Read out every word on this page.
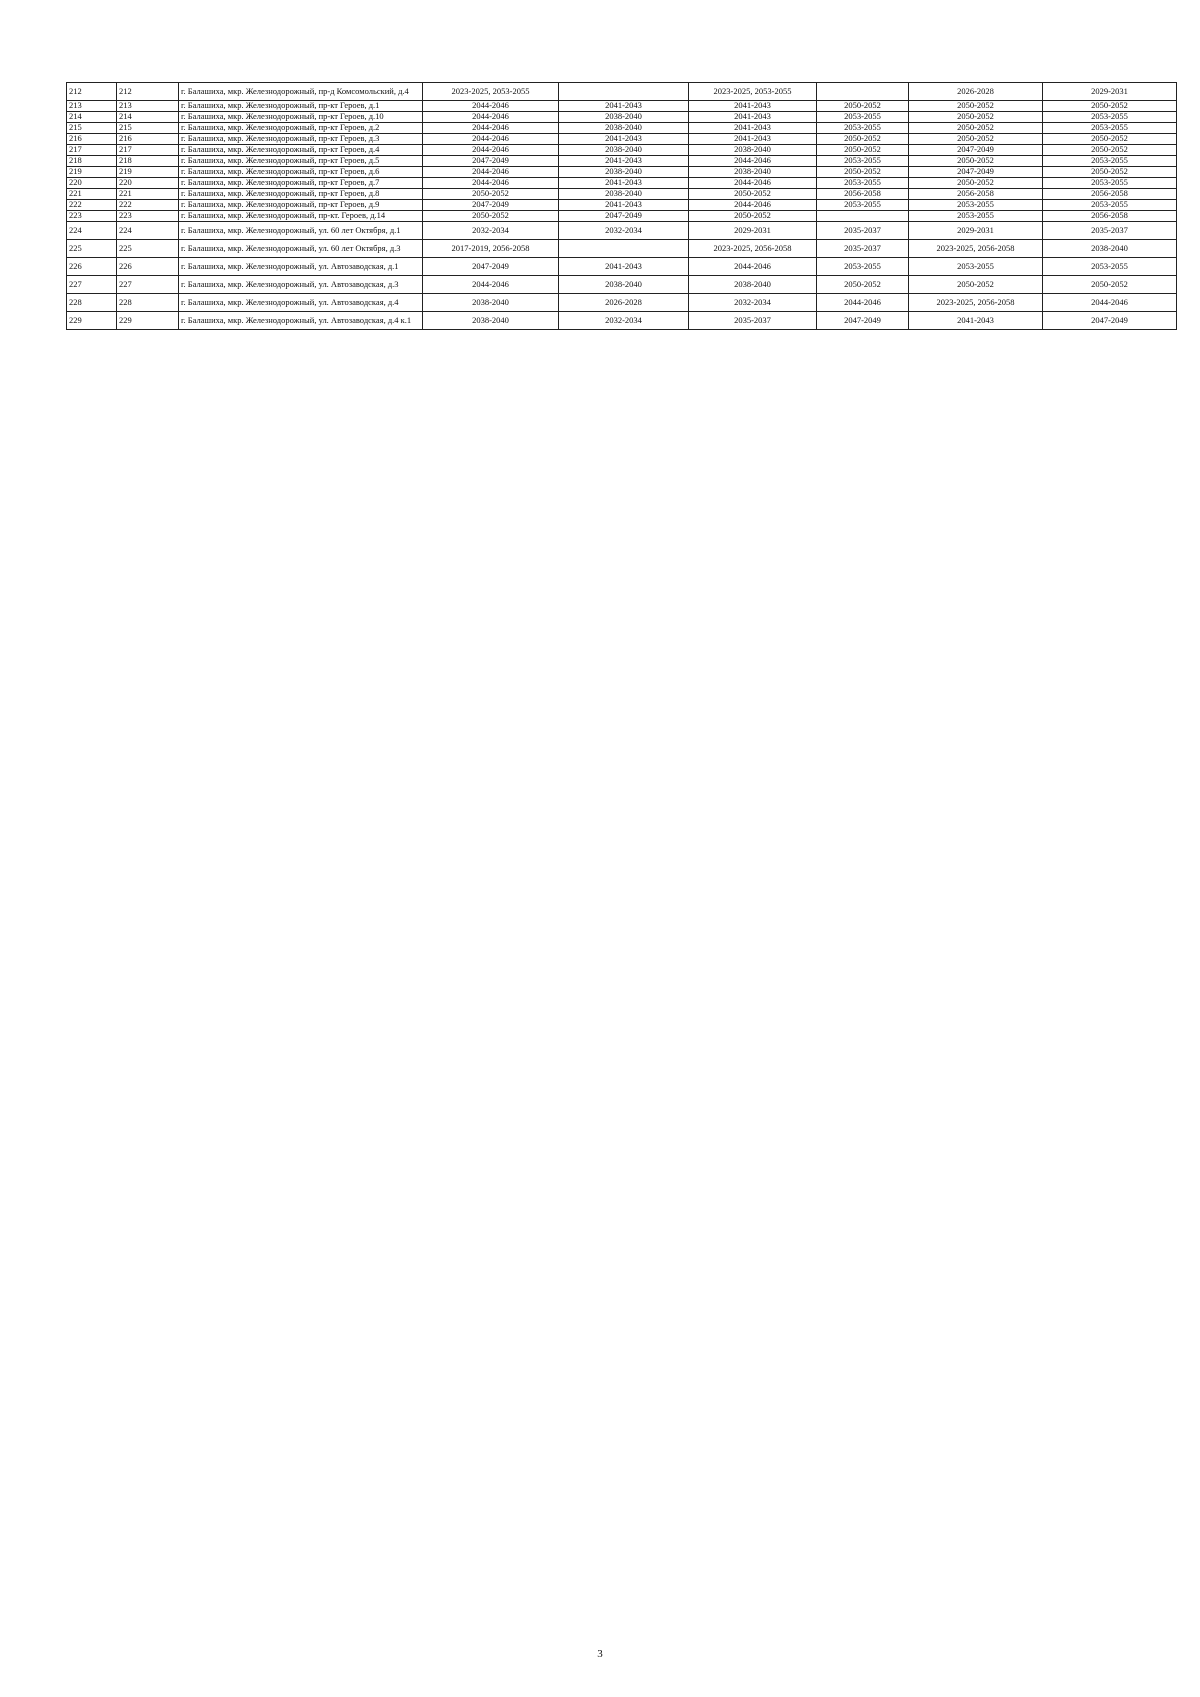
212	212	г. Балашиха, мкр. Железнодорожный, пр-д Комсомольский, д.4	2023-2025, 2053-2055		2023-2025, 2053-2055		2026-2028	2029-2031
213	213	г. Балашиха, мкр. Железнодорожный, пр-кт Героев, д.1	2044-2046	2041-2043	2041-2043	2050-2052	2050-2052	2050-2052
214	214	г. Балашиха, мкр. Железнодорожный, пр-кт Героев, д.10	2044-2046	2038-2040	2041-2043	2053-2055	2050-2052	2053-2055
215	215	г. Балашиха, мкр. Железнодорожный, пр-кт Героев, д.2	2044-2046	2038-2040	2041-2043	2053-2055	2050-2052	2053-2055
216	216	г. Балашиха, мкр. Железнодорожный, пр-кт Героев, д.3	2044-2046	2041-2043	2041-2043	2050-2052	2050-2052	2050-2052
217	217	г. Балашиха, мкр. Железнодорожный, пр-кт Героев, д.4	2044-2046	2038-2040	2038-2040	2050-2052	2047-2049	2050-2052
218	218	г. Балашиха, мкр. Железнодорожный, пр-кт Героев, д.5	2047-2049	2041-2043	2044-2046	2053-2055	2050-2052	2053-2055
219	219	г. Балашиха, мкр. Железнодорожный, пр-кт Героев, д.6	2044-2046	2038-2040	2038-2040	2050-2052	2047-2049	2050-2052
220	220	г. Балашиха, мкр. Железнодорожный, пр-кт Героев, д.7	2044-2046	2041-2043	2044-2046	2053-2055	2050-2052	2053-2055
221	221	г. Балашиха, мкр. Железнодорожный, пр-кт Героев, д.8	2050-2052	2038-2040	2050-2052	2056-2058	2056-2058	2056-2058
222	222	г. Балашиха, мкр. Железнодорожный, пр-кт Героев, д.9	2047-2049	2041-2043	2044-2046	2053-2055	2053-2055	2053-2055
223	223	г. Балашиха, мкр. Железнодорожный, пр-кт. Героев, д.14	2050-2052	2047-2049	2050-2052		2053-2055	2056-2058
224	224	г. Балашиха, мкр. Железнодорожный, ул. 60 лет Октября, д.1	2032-2034	2032-2034	2029-2031	2035-2037	2029-2031	2035-2037
225	225	г. Балашиха, мкр. Железнодорожный, ул. 60 лет Октября, д.3	2017-2019, 2056-2058		2023-2025, 2056-2058	2035-2037	2023-2025, 2056-2058	2038-2040
226	226	г. Балашиха, мкр. Железнодорожный, ул. Автозаводская, д.1	2047-2049	2041-2043	2044-2046	2053-2055	2053-2055	2053-2055
227	227	г. Балашиха, мкр. Железнодорожный, ул. Автозаводская, д.3	2044-2046	2038-2040	2038-2040	2050-2052	2050-2052	2050-2052
228	228	г. Балашиха, мкр. Железнодорожный, ул. Автозаводская, д.4	2038-2040	2026-2028	2032-2034	2044-2046	2023-2025, 2056-2058	2044-2046
229	229	г. Балашиха, мкр. Железнодорожный, ул. Автозаводская, д.4 к.1	2038-2040	2032-2034	2035-2037	2047-2049	2041-2043	2047-2049
3
